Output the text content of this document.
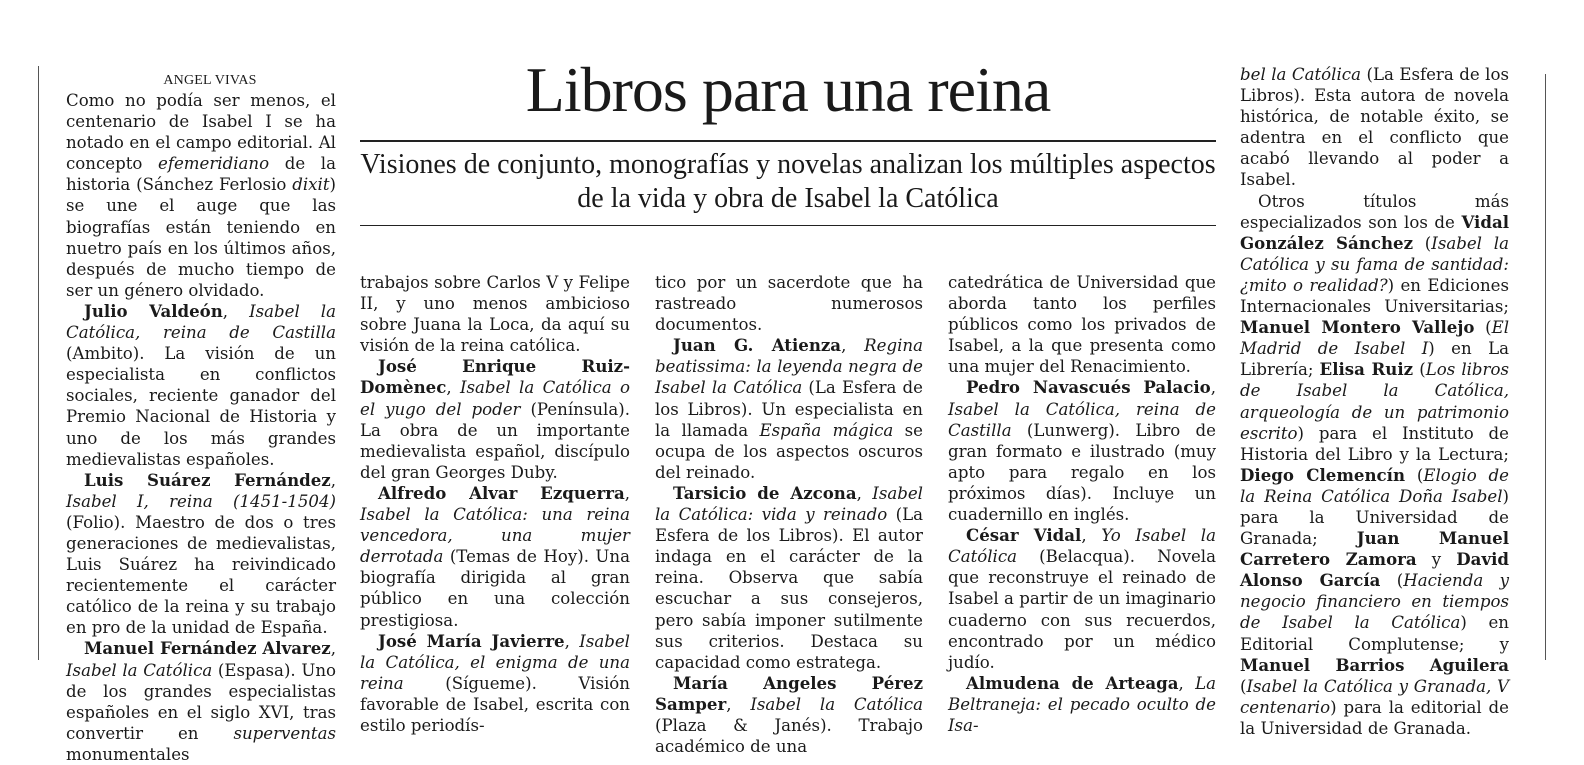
ANGEL VIVAS

Como no podía ser menos, el centenario de Isabel I se ha notado en el campo editorial. Al concepto efemeridiano de la historia (Sánchez Ferlosio dixit) se une el auge que las biografías están teniendo en nuetro país en los últimos años, después de mucho tiempo de ser un género olvidado.

Julio Valdeón, Isabel la Católica, reina de Castilla (Ambito). La visión de un especialista en conflictos sociales, reciente ganador del Premio Nacional de Historia y uno de los más grandes medievalistas españoles.

Luis Suárez Fernández, Isabel I, reina (1451-1504) (Folio). Maestro de dos o tres generaciones de medievalistas, Luis Suárez ha reivindicado recientemente el carácter católico de la reina y su trabajo en pro de la unidad de España.

Manuel Fernández Alvarez, Isabel la Católica (Espasa). Uno de los grandes especialistas españoles en el siglo XVI, tras convertir en superventas monumentales

Libros para una reina
Visiones de conjunto, monografías y novelas analizan los múltiples aspectos de la vida y obra de Isabel la Católica

trabajos sobre Carlos V y Felipe II, y uno menos ambicioso sobre Juana la Loca, da aquí su visión de la reina católica.

José Enrique Ruiz-Domènec, Isabel la Católica o el yugo del poder (Península). La obra de un importante medievalista español, discípulo del gran Georges Duby.

Alfredo Alvar Ezquerra, Isabel la Católica: una reina vencedora, una mujer derrotada (Temas de Hoy). Una biografía dirigida al gran público en una colección prestigiosa.

José María Javierre, Isabel la Católica, el enigma de una reina (Sígueme). Visión favorable de Isabel, escrita con estilo periodís-

tico por un sacerdote que ha rastreado numerosos documentos.

Juan G. Atienza, Regina beatissima: la leyenda negra de Isabel la Católica (La Esfera de los Libros). Un especialista en la llamada España mágica se ocupa de los aspectos oscuros del reinado.

Tarsicio de Azcona, Isabel la Católica: vida y reinado (La Esfera de los Libros). El autor indaga en el carácter de la reina. Observa que sabía escuchar a sus consejeros, pero sabía imponer sutilmente sus criterios. Destaca su capacidad como estratega.

María Angeles Pérez Samper, Isabel la Católica (Plaza & Janés). Trabajo académico de una

catedrática de Universidad que aborda tanto los perfiles públicos como los privados de Isabel, a la que presenta como una mujer del Renacimiento.

Pedro Navascués Palacio, Isabel la Católica, reina de Castilla (Lunwerg). Libro de gran formato e ilustrado (muy apto para regalo en los próximos días). Incluye un cuadernillo en inglés.

César Vidal, Yo Isabel la Católica (Belacqua). Novela que reconstruye el reinado de Isabel a partir de un imaginario cuaderno con sus recuerdos, encontrado por un médico judío.

Almudena de Arteaga, La Beltraneja: el pecado oculto de Isa-

bel la Católica (La Esfera de los Libros). Esta autora de novela histórica, de notable éxito, se adentra en el conflicto que acabó llevando al poder a Isabel.

Otros títulos más especializados son los de Vidal González Sánchez (Isabel la Católica y su fama de santidad: ¿mito o realidad?) en Ediciones Internacionales Universitarias; Manuel Montero Vallejo (El Madrid de Isabel I) en La Librería; Elisa Ruiz (Los libros de Isabel la Católica, arqueología de un patrimonio escrito) para el Instituto de Historia del Libro y la Lectura; Diego Clemencín (Elogio de la Reina Católica Doña Isabel) para la Universidad de Granada; Juan Manuel Carretero Zamora y David Alonso García (Hacienda y negocio financiero en tiempos de Isabel la Católica) en Editorial Complutense; y Manuel Barrios Aguilera (Isabel la Católica y Granada, V centenario) para la editorial de la Universidad de Granada.
